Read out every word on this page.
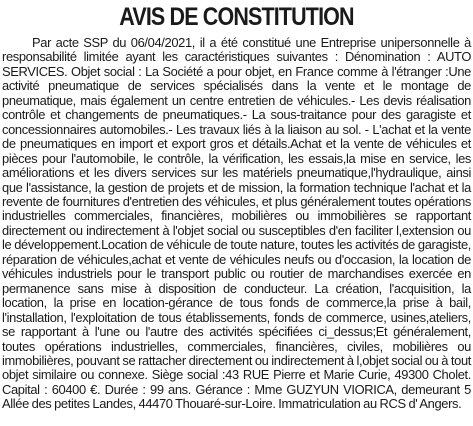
AVIS DE CONSTITUTION

Par acte SSP du 06/04/2021, il a été constitué une Entreprise unipersonnelle à responsabilité limitée ayant les caractéristiques suivantes : Dénomination : AUTO SERVICES. Objet social : La Société a pour objet, en France comme à l'étranger :Une activité pneumatique de services spécialisés dans la vente et le montage de pneumatique, mais également un centre entretien de véhicules.- Les devis réalisation contrôle et changements de pneumatiques.- La sous-traitance pour des garagiste et concessionnaires automobiles.- Les travaux liés à la liaison au sol. - L'achat et la vente de pneumatiques en import et export gros et détails.Achat et la vente de véhicules et pièces pour l'automobile, le contrôle, la vérification, les essais,la mise en service, les améliorations et les divers services sur les matériels pneumatique,l'hydraulique, ainsi que l'assistance, la gestion de projets et de mission, la formation technique l'achat et la revente de fournitures d'entretien des véhicules, et plus généralement toutes opérations industrielles commerciales, financières, mobilières ou immobilières se rapportant directement ou indirectement à l'objet social ou susceptibles d'en faciliter l,extension ou le développement.Location de véhicule de toute nature, toutes les activités de garagiste, réparation de véhicules,achat et vente de véhicules neufs ou d'occasion, la location de véhicules industriels pour le transport public ou routier de marchandises exercée en permanence sans mise à disposition de conducteur. La création, l'acquisition, la location, la prise en location-gérance de tous fonds de commerce,la prise à bail, l'installation, l'exploitation de tous établissements, fonds de commerce, usines,ateliers, se rapportant à l'une ou l'autre des activités spécifiées ci_dessus;Et généralement, toutes opérations industrielles, commerciales, financières, civiles, mobilières ou immobilières, pouvant se rattacher directement ou indirectement à l,objet social ou à tout objet similaire ou connexe. Siège social :43 RUE Pierre et Marie Curie, 49300 Cholet. Capital : 60400 €. Durée : 99 ans. Gérance : Mme GUZYUN VIORICA, demeurant 5 Allée des petites Landes, 44470 Thouaré-sur-Loire. Immatriculation au RCS d' Angers.
